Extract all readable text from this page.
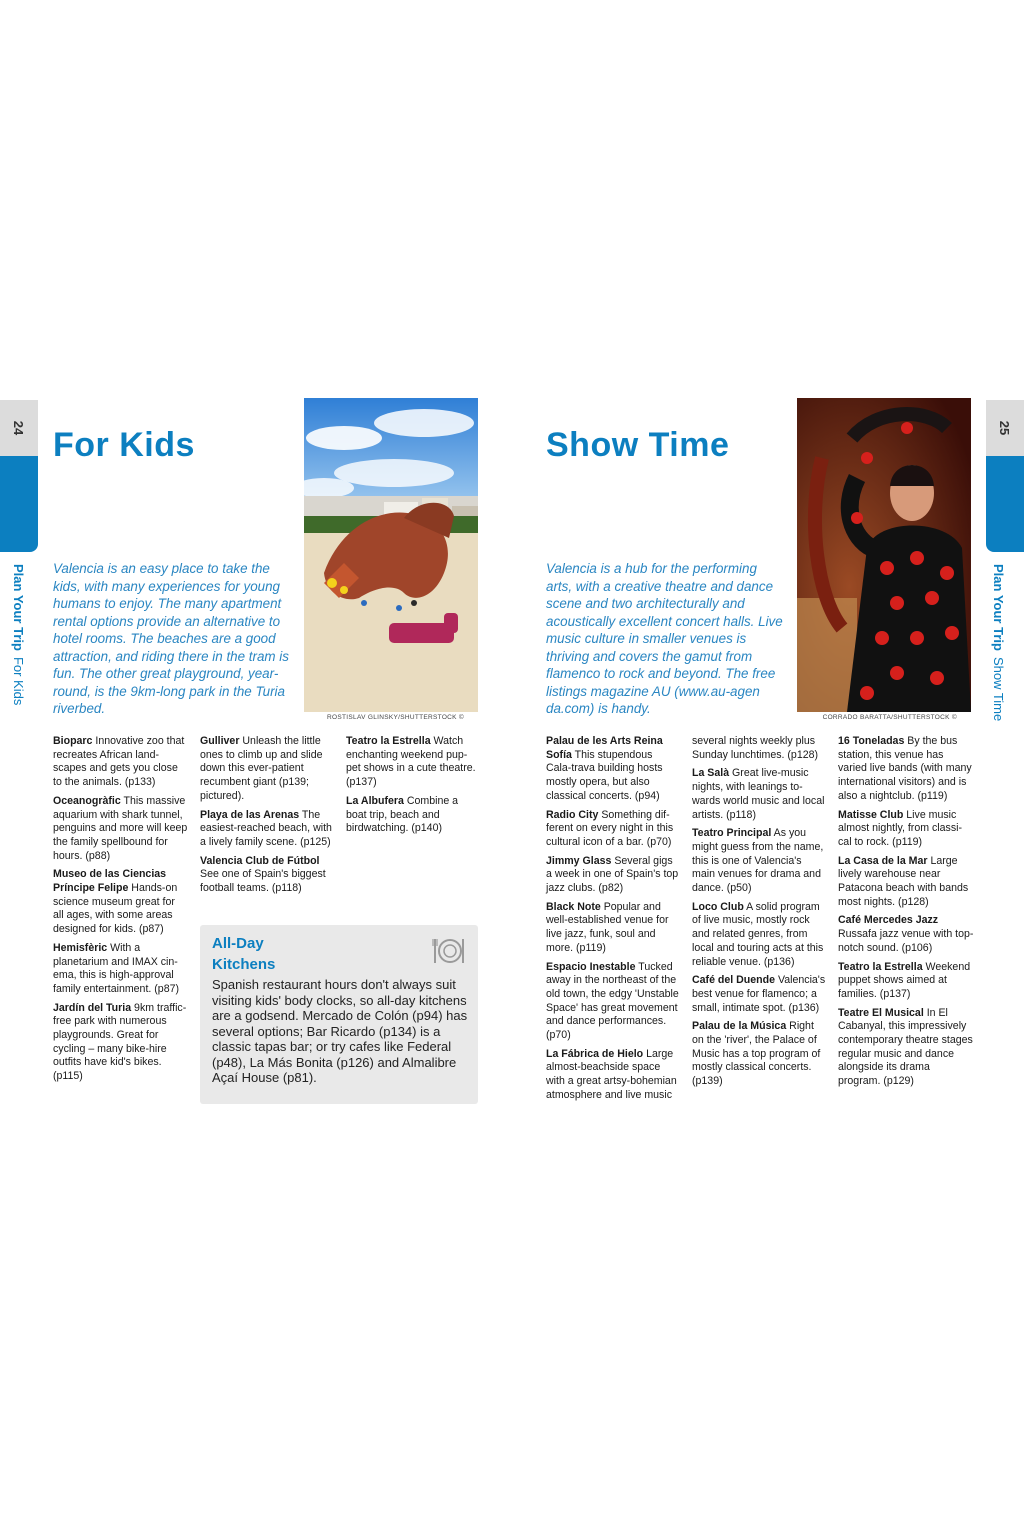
24
Plan Your TripFor Kids
25
Plan Your TripShow Time
For Kids

Valencia is an easy place to take the kids, with many experiences for young humans to enjoy. The many apartment rental options provide an alternative to hotel rooms. The beaches are a good attraction, and riding there in the tram is fun. The other great playground, year-round, is the 9km-long park in the Turia riverbed.

ROSTISLAV GLINSKY/SHUTTERSTOCK ©

Bioparc Innovative zoo that recreates African land-scapes and gets you close to the animals. (p133)

Oceanogràfic This massive aquarium with shark tunnel, penguins and more will keep the family spellbound for hours. (p88)

Museo de las Ciencias Príncipe Felipe Hands-on science museum great for all ages, with some areas designed for kids. (p87)

Hemisfèric With a planetarium and IMAX cin-ema, this is high-approval family entertainment. (p87)

Jardín del Turia 9km traffic-free park with numerous playgrounds. Great for cycling – many bike-hire outfits have kid's bikes. (p115)

Gulliver Unleash the little ones to climb up and slide down this ever-patient recumbent giant (p139; pictured).

Playa de las Arenas The easiest-reached beach, with a lively family scene. (p125)

Valencia Club de Fútbol See one of Spain's biggest football teams. (p118)

Teatro la Estrella Watch enchanting weekend pup-pet shows in a cute theatre. (p137)

La Albufera Combine a boat trip, beach and birdwatching. (p140)

All-Day Kitchens

Spanish restaurant hours don't always suit visiting kids' body clocks, so all-day kitchens are a godsend. Mercado de Colón (p94) has several options; Bar Ricardo (p134) is a classic tapas bar; or try cafes like Federal (p48), La Más Bonita (p126) and Almalibre Açaí House (p81).

Show Time

Valencia is a hub for the performing arts, with a creative theatre and dance scene and two architecturally and acoustically excellent concert halls. Live music culture in smaller venues is thriving and covers the gamut from flamenco to rock and beyond. The free listings magazine AU (www.au-agen da.com) is handy.

CORRADO BARATTA/SHUTTERSTOCK ©

Palau de les Arts Reina Sofía This stupendous Cala-trava building hosts mostly opera, but also classical concerts. (p94)

Radio City Something dif-ferent on every night in this cultural icon of a bar. (p70)

Jimmy Glass Several gigs a week in one of Spain's top jazz clubs. (p82)

Black Note Popular and well-established venue for live jazz, funk, soul and more. (p119)

Espacio Inestable Tucked away in the northeast of the old town, the edgy 'Unstable Space' has great movement and dance performances. (p70)

La Fábrica de Hielo Large almost-beachside space with a great artsy-bohemian atmosphere and live music

several nights weekly plus Sunday lunchtimes. (p128)

La Salà Great live-music nights, with leanings to-wards world music and local artists. (p118)

Teatro Principal As you might guess from the name, this is one of Valencia's main venues for drama and dance. (p50)

Loco Club A solid program of live music, mostly rock and related genres, from local and touring acts at this reliable venue. (p136)

Café del Duende Valencia's best venue for flamenco; a small, intimate spot. (p136)

Palau de la Música Right on the 'river', the Palace of Music has a top program of mostly classical concerts. (p139)

16 Toneladas By the bus station, this venue has varied live bands (with many international visitors) and is also a nightclub. (p119)

Matisse Club Live music almost nightly, from classi-cal to rock. (p119)

La Casa de la Mar Large lively warehouse near Patacona beach with bands most nights. (p128)

Café Mercedes Jazz Russafa jazz venue with top-notch sound. (p106)

Teatro la Estrella Weekend puppet shows aimed at families. (p137)

Teatre El Musical In El Cabanyal, this impressively contemporary theatre stages regular music and dance alongside its drama program. (p129)
